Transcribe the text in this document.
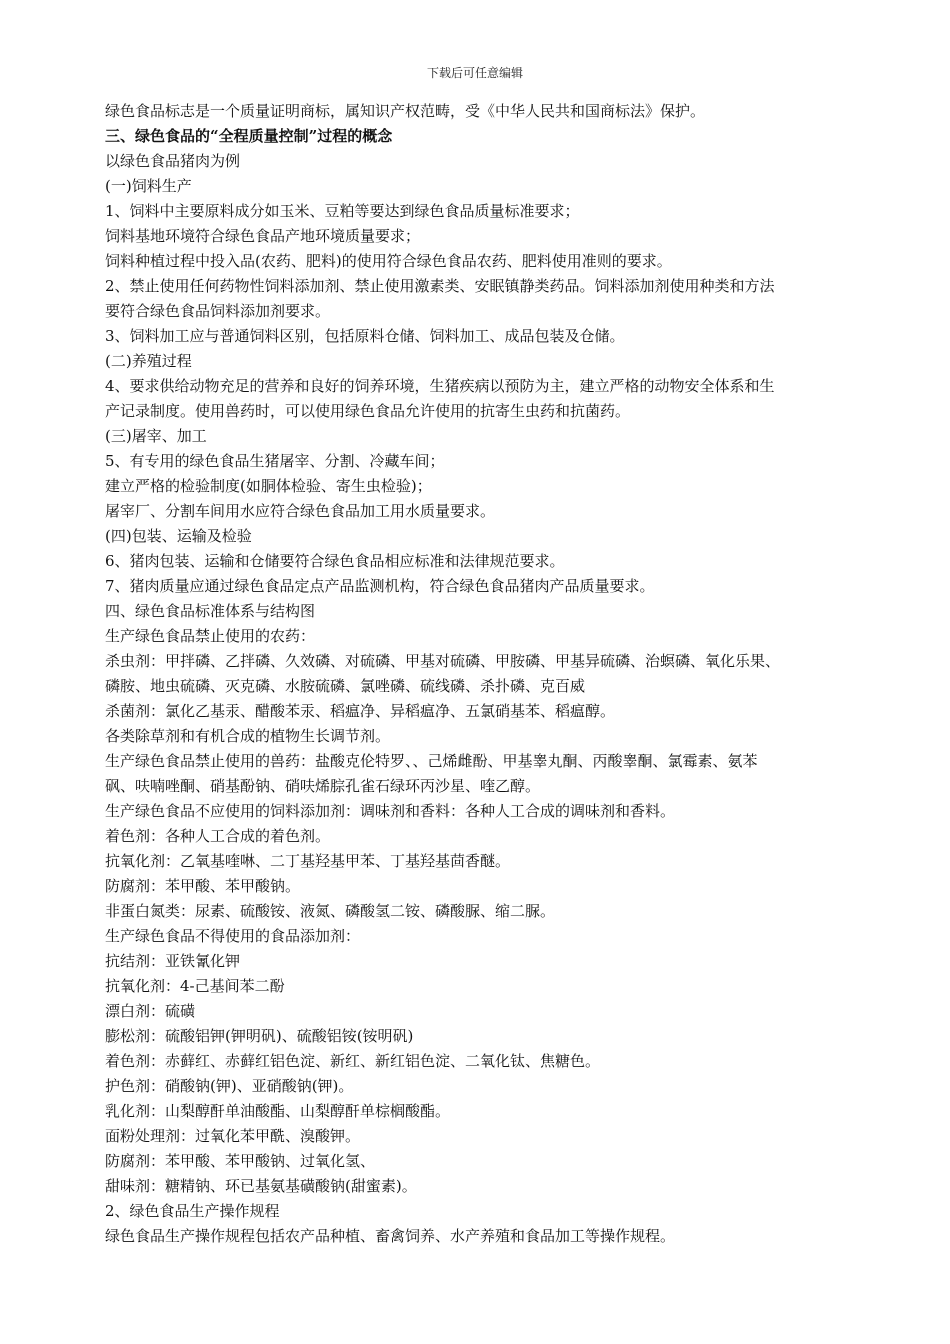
下载后可任意编辑
绿色食品标志是一个质量证明商标，属知识产权范畴，受《中华人民共和国商标法》保护。
三、绿色食品的“全程质量控制”过程的概念
以绿色食品猪肉为例
(一)饲料生产
1、饲料中主要原料成分如玉米、豆粕等要达到绿色食品质量标准要求；
饲料基地环境符合绿色食品产地环境质量要求；
饲料种植过程中投入品(农药、肥料)的使用符合绿色食品农药、肥料使用准则的要求。
2、禁止使用任何药物性饲料添加剂、禁止使用激素类、安眠镇静类药品。饲料添加剂使用种类和方法
要符合绿色食品饲料添加剂要求。
3、饲料加工应与普通饲料区别，包括原料仓储、饲料加工、成品包装及仓储。
(二)养殖过程
4、要求供给动物充足的营养和良好的饲养环境，生猪疾病以预防为主，建立严格的动物安全体系和生
产记录制度。使用兽药时，可以使用绿色食品允许使用的抗寄生虫药和抗菌药。
(三)屠宰、加工
5、有专用的绿色食品生猪屠宰、分割、冷藏车间；
建立严格的检验制度(如胴体检验、寄生虫检验)；
屠宰厂、分割车间用水应符合绿色食品加工用水质量要求。
(四)包装、运输及检验
6、猪肉包装、运输和仓储要符合绿色食品相应标准和法律规范要求。
7、猪肉质量应通过绿色食品定点产品监测机构，符合绿色食品猪肉产品质量要求。
四、绿色食品标准体系与结构图
生产绿色食品禁止使用的农药：
杀虫剂：甲拌磷、乙拌磷、久效磷、对硫磷、甲基对硫磷、甲胺磷、甲基异硫磷、治螟磷、氧化乐果、
磷胺、地虫硫磷、灭克磷、水胺硫磷、氯唑磷、硫线磷、杀扑磷、克百威
杀菌剂：氯化乙基汞、醋酸苯汞、稻瘟净、异稻瘟净、五氯硝基苯、稻瘟醇。
各类除草剂和有机合成的植物生长调节剂。
生产绿色食品禁止使用的兽药：盐酸克伦特罗、、己烯雌酚、甲基睾丸酮、丙酸睾酮、氯霉素、氨苯
砜、呋喃唑酮、硝基酚钠、硝呋烯腙孔雀石绿环丙沙星、喹乙醇。
生产绿色食品不应使用的饲料添加剂：调味剂和香料：各种人工合成的调味剂和香料。
着色剂：各种人工合成的着色剂。
抗氧化剂：乙氧基喹啉、二丁基羟基甲苯、丁基羟基茴香醚。
防腐剂：苯甲酸、苯甲酸钠。
非蛋白氮类：尿素、硫酸铵、液氮、磷酸氢二铵、磷酸脲、缩二脲。
生产绿色食品不得使用的食品添加剂：
抗结剂：亚铁氰化钾
抗氧化剂：4-己基间苯二酚
漂白剂：硫磺
膨松剂：硫酸铝钾(钾明矾)、硫酸铝铵(铵明矾)
着色剂：赤藓红、赤藓红铝色淀、新红、新红铝色淀、二氧化钛、焦糖色。
护色剂：硝酸钠(钾)、亚硝酸钠(钾)。
乳化剂：山梨醇酐单油酸酯、山梨醇酐单棕榈酸酯。
面粉处理剂：过氧化苯甲酰、溴酸钾。
防腐剂：苯甲酸、苯甲酸钠、过氧化氢、
甜味剂：糖精钠、环已基氨基磺酸钠(甜蜜素)。
2、绿色食品生产操作规程
绿色食品生产操作规程包括农产品种植、畜禽饲养、水产养殖和食品加工等操作规程。
